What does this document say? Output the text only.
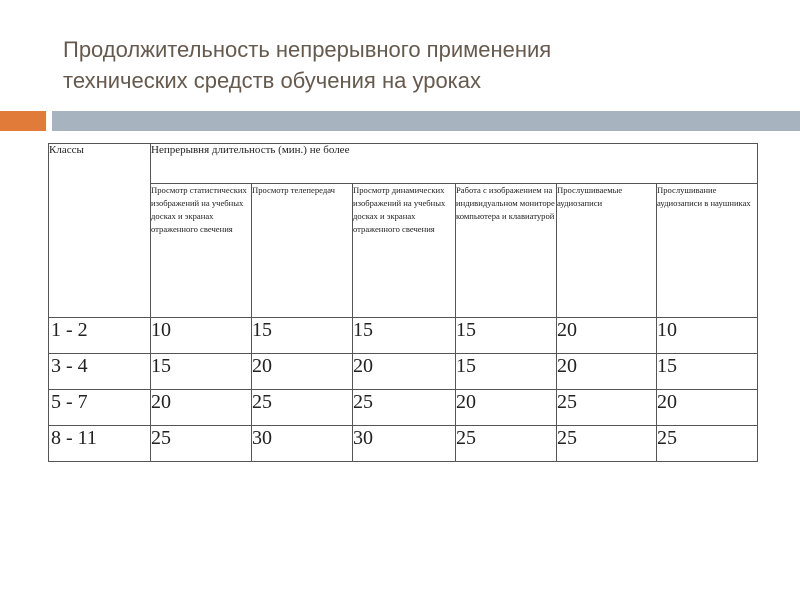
Продолжительность непрерывного применения
технических средств обучения на уроках
Классы	Непрерывня длительность (мин.) не более					
	Просмотр статистических изображений на учебных досках и экранах отраженного свечения	Просмотр телепередач	Просмотр динамических изображений на учебных досках и экранах отраженного свечения	Работа с изображением на индивидуальном мониторе компьютера и клавиатурой	Прослушиваемые аудиозаписи	Прослушивание аудиозаписи в наушниках
1 - 2	10	15	15	15	20	10
3 - 4	15	20	20	15	20	15
5 - 7	20	25	25	20	25	20
8 - 11	25	30	30	25	25	25
